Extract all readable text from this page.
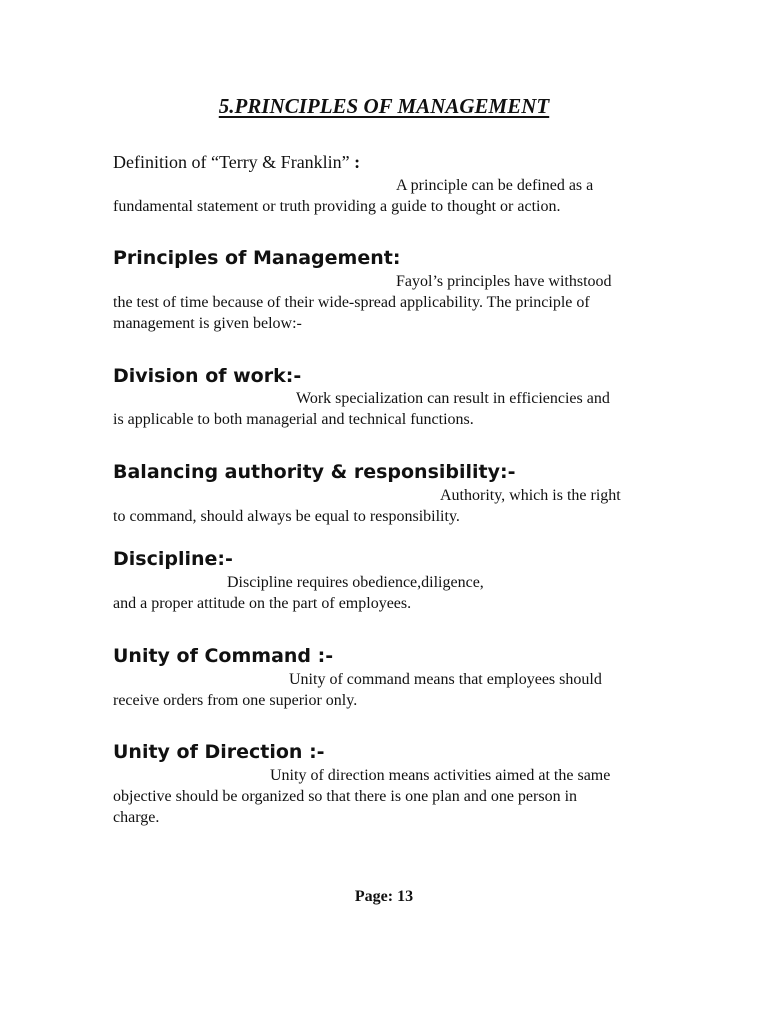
5.PRINCIPLES OF MANAGEMENT
Definition of “Terry & Franklin” :
A principle can be defined as a
fundamental statement or truth providing a guide to thought or action.
Principles of Management:
Fayol’s principles have withstood
the test of time because of their wide-spread applicability. The principle of
management is given below:-
Division of work:-
Work specialization can result in efficiencies and
is applicable to both managerial and technical functions.
Balancing authority & responsibility:-
Authority, which is the right
to command, should always be equal to responsibility.
Discipline:-
Discipline requires obedience,diligence,
and a proper attitude on the part of employees.
Unity of Command :-
Unity of command means that employees should
receive orders from one superior only.
Unity of Direction :-
Unity of direction means activities aimed at the same
objective should be organized so that there is one plan and one person in
charge.
Page: 13
